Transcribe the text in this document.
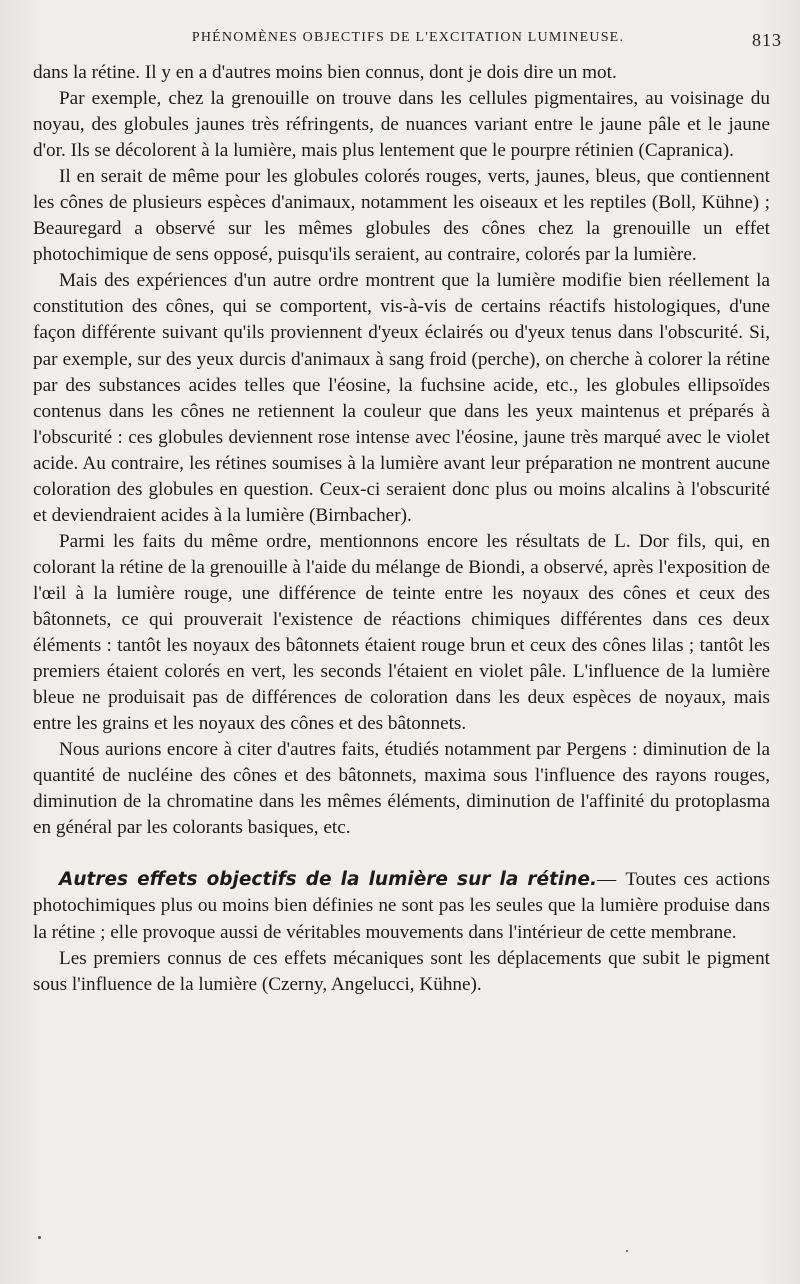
PHÉNOMÈNES OBJECTIFS DE L'EXCITATION LUMINEUSE.	813

dans la rétine. Il y en a d'autres moins bien connus, dont je dois dire un mot.

Par exemple, chez la grenouille on trouve dans les cellules pigmentaires, au voisinage du noyau, des globules jaunes très réfringents, de nuances variant entre le jaune pâle et le jaune d'or. Ils se décolorent à la lumière, mais plus lentement que le pourpre rétinien (Capranica).

Il en serait de même pour les globules colorés rouges, verts, jaunes, bleus, que contiennent les cônes de plusieurs espèces d'animaux, notamment les oiseaux et les reptiles (Boll, Kühne) ; Beauregard a observé sur les mêmes globules des cônes chez la grenouille un effet photochimique de sens opposé, puisqu'ils seraient, au contraire, colorés par la lumière.

Mais des expériences d'un autre ordre montrent que la lumière modifie bien réellement la constitution des cônes, qui se comportent, vis-à-vis de certains réactifs histologiques, d'une façon différente suivant qu'ils proviennent d'yeux éclairés ou d'yeux tenus dans l'obscurité. Si, par exemple, sur des yeux durcis d'animaux à sang froid (perche), on cherche à colorer la rétine par des substances acides telles que l'éosine, la fuchsine acide, etc., les globules ellipsoïdes contenus dans les cônes ne retiennent la couleur que dans les yeux maintenus et préparés à l'obscurité : ces globules deviennent rose intense avec l'éosine, jaune très marqué avec le violet acide. Au contraire, les rétines soumises à la lumière avant leur préparation ne montrent aucune coloration des globules en question. Ceux-ci seraient donc plus ou moins alcalins à l'obscurité et deviendraient acides à la lumière (Birnbacher).

Parmi les faits du même ordre, mentionnons encore les résultats de L. Dor fils, qui, en colorant la rétine de la grenouille à l'aide du mélange de Biondi, a observé, après l'exposition de l'œil à la lumière rouge, une différence de teinte entre les noyaux des cônes et ceux des bâtonnets, ce qui prouverait l'existence de réactions chimiques différentes dans ces deux éléments : tantôt les noyaux des bâtonnets étaient rouge brun et ceux des cônes lilas ; tantôt les premiers étaient colorés en vert, les seconds l'étaient en violet pâle. L'influence de la lumière bleue ne produisait pas de différences de coloration dans les deux espèces de noyaux, mais entre les grains et les noyaux des cônes et des bâtonnets.

Nous aurions encore à citer d'autres faits, étudiés notamment par Pergens : diminution de la quantité de nucléine des cônes et des bâtonnets, maxima sous l'influence des rayons rouges, diminution de la chromatine dans les mêmes éléments, diminution de l'affinité du protoplasma en général par les colorants basiques, etc.

Autres effets objectifs de la lumière sur la rétine.— Toutes ces actions photochimiques plus ou moins bien définies ne sont pas les seules que la lumière produise dans la rétine ; elle provoque aussi de véritables mouvements dans l'intérieur de cette membrane.

Les premiers connus de ces effets mécaniques sont les déplacements que subit le pigment sous l'influence de la lumière (Czerny, Angelucci, Kühne).
